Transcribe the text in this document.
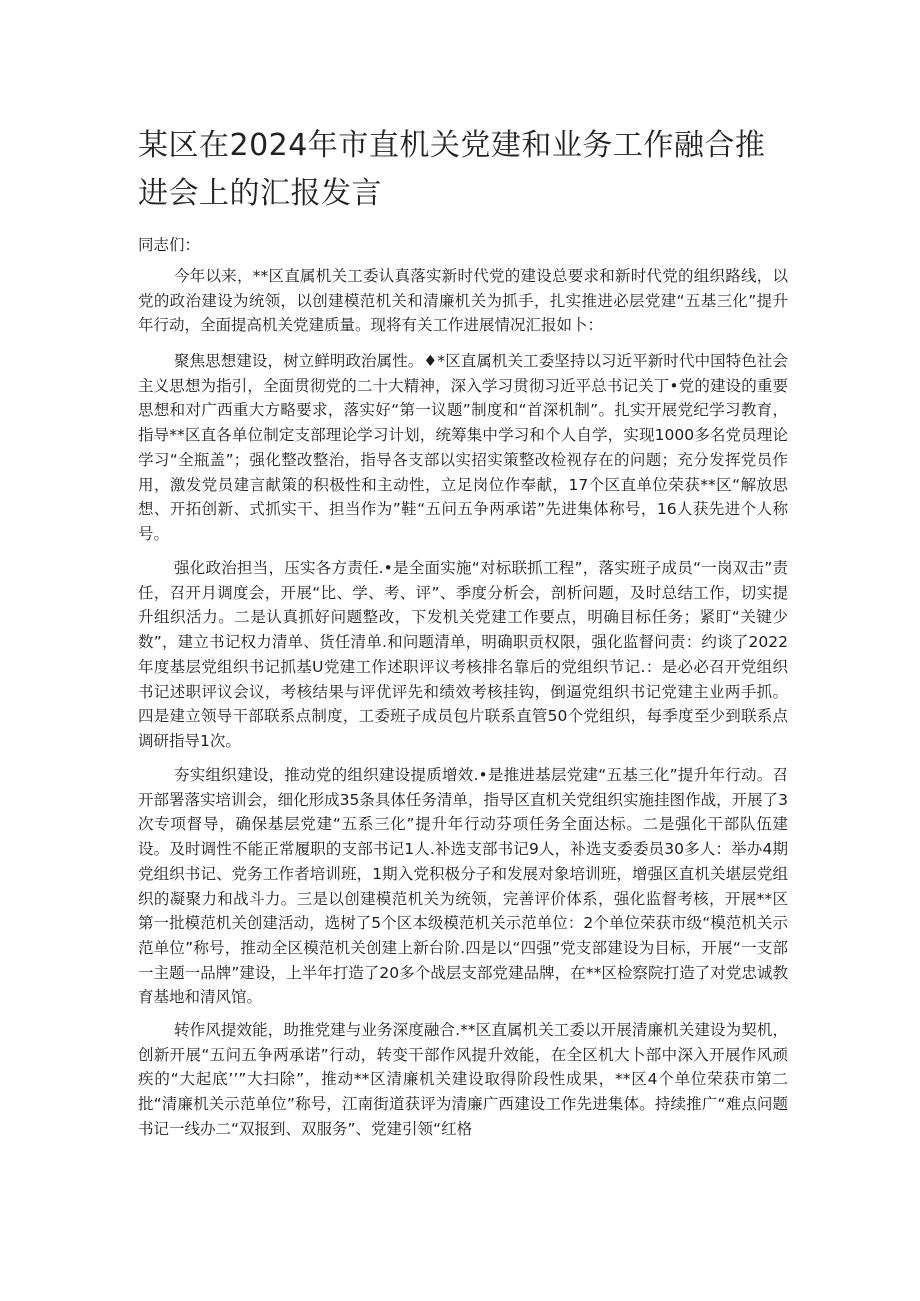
某区在2024年市直机关党建和业务工作融合推进会上的汇报发言

同志们：

今年以来，**区直属机关工委认真落实新时代党的建设总要求和新时代党的组织路线，以党的政治建设为统领，以创建模范机关和清廉机关为抓手，扎实推进必层党建“五基三化”提升年行动，全面提高机关党建质量。现将有关工作进展情况汇报如卜：

聚焦思想建设，树立鲜明政治属性。♦*区直属机关工委坚持以习近平新时代中国特色社会主义思想为指引，全面贯彻党的二十大精神，深入学习贯彻习近平总书记关丁•党的建设的重要思想和对广西重大方略要求，落实好“第一议题”制度和“首深机制”。扎实开展党纪学习教育，指导**区直各单位制定支部理论学习计划，统筹集中学习和个人自学，实现1000多名党员理论学习“全瓶盖”；强化整改整治，指导各支部以实招实策整改检视存在的问题；充分发挥党员作用，激发党员建言献策的积极性和主动性，立足岗位作奉献，17个区直单位荣获**区“解放思想、开拓创新、式抓实干、担当作为”鞋“五问五争两承诺”先进集体称号，16人获先进个人称号。

强化政治担当，压实各方责任.•是全面实施“对标联抓工程”，落实班子成员“一岗双击”责任，召开月调度会，开展“比、学、考、评”、季度分析会，剖析问题，及时总结工作，切实提升组织活力。二是认真抓好问题整改，下发机关党建工作要点，明确目标任务；紧盯“关键少数”，建立书记权力清单、货任清单.和问题清单，明确职贡权限，强化监督问责：约谈了2022年度基层党组织书记抓基U党建工作述职评议考核排名靠后的党组织节记.：是必必召开党组织书记述职评议会议，考核结果与评优评先和绩效考核挂钩，倒逼党组织书记党建主业两手抓。四是建立领导干部联系点制度，工委班子成员包片联系直管50个党组织，每季度至少到联系点调研指导1次。

夯实组织建设，推动党的组织建设提质增效.•是推进基层党建“五基三化”提升年行动。召开部署落实培训会，细化形成35条具体任务清单，指导区直机关党组织实施挂图作战，开展了3次专项督导，确保基层党建“五系三化”提升年行动芬项任务全面达标。二是强化干部队伍建设。及时调性不能正常履职的支部书记1人.补选支部书记9人，补选支委委员30多人：举办4期党组织书记、党务工作者培训班，1期入党积极分子和发展对象培训班，增强区直机关堪层党组织的凝聚力和战斗力。三是以创建模范机关为统领，完善评价体系，强化监督考核，开展**区第一批模范机关创建活动，选树了5个区本级模范机关示范单位：2个单位荣获市级“模范机关示范单位”称号，推动全区模范机关创建上新台阶.四是以“四强”党支部建设为目标，开展“一支部一主题一品牌”建设，上半年打造了20多个战层支部党建品牌，在**区检察院打造了对党忠诚教育基地和清风馆。

转作风提效能，助推党建与业务深度融合.**区直属机关工委以开展清廉机关建设为契机，创新开展“五问五争两承诺”行动，转变干部作风提升效能，在全区机大卜部中深入开展作风顽疾的“大起底’’”大扫除”，推动**区清廉机关建设取得阶段性成果，**区4个单位荣获市第二批“清廉机关示范单位”称号，江南街道获评为清廉广西建设工作先进集体。持续推广“难点问题书记一线办二“双报到、双服务”、党建引领“红格
